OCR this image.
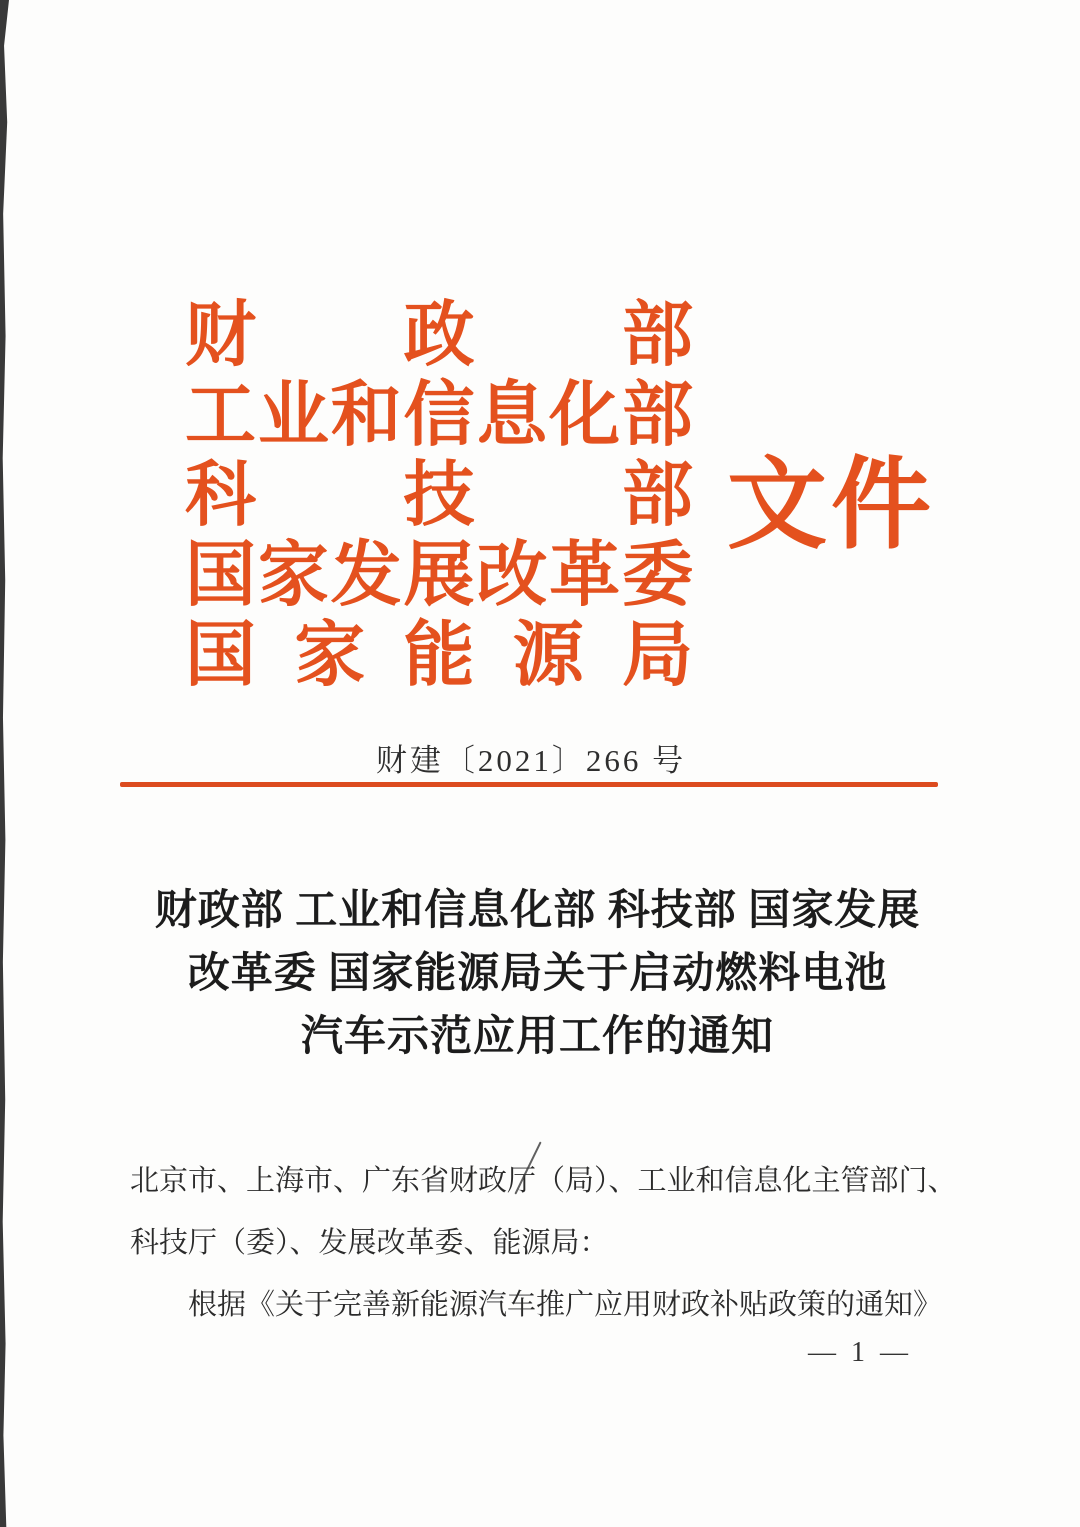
财 政 部
工 业 和 信 息 化 部
科 技 部
国 家 发 展 改 革 委
国 家 能 源 局
文件
财建〔2021〕266 号
财政部 工业和信息化部 科技部 国家发展
改革委 国家能源局关于启动燃料电池
汽车示范应用工作的通知
北京市、上海市、广东省财政厅（局）、工业和信息化主管部门、
科技厅（委）、发展改革委、能源局：
根据《关于完善新能源汽车推广应用财政补贴政策的通知》
— 1 —
